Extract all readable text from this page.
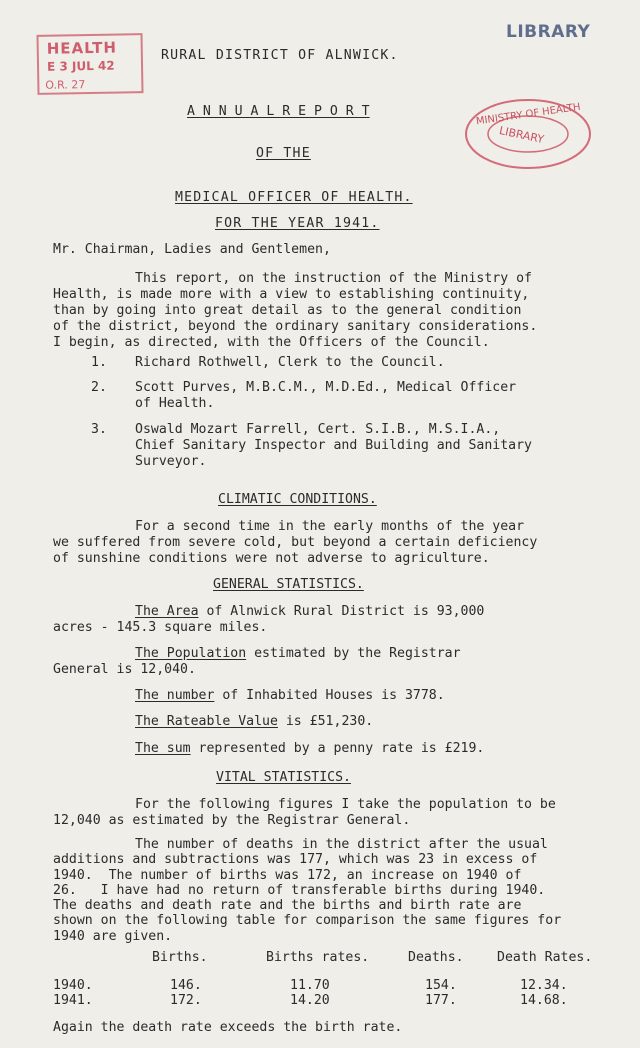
HEALTH
E 3 JUL 42
O.R. 27
LIBRARY
MINISTRY OF HEALTH
LIBRARY
RURAL DISTRICT OF ALNWICK.
A N N U A L R E P O R T
OF THE
MEDICAL OFFICER OF HEALTH.
FOR THE YEAR 1941.
Mr. Chairman, Ladies and Gentlemen,
This report, on the instruction of the Ministry of
Health, is made more with a view to establishing continuity,
than by going into great detail as to the general condition
of the district, beyond the ordinary sanitary considerations.
I begin, as directed, with the Officers of the Council.
1. Richard Rothwell, Clerk to the Council.
2. Scott Purves, M.B.C.M., M.D.Ed., Medical Officer
of Health.
3. Oswald Mozart Farrell, Cert. S.I.B., M.S.I.A.,
Chief Sanitary Inspector and Building and Sanitary
Surveyor.
CLIMATIC CONDITIONS.
For a second time in the early months of the year
we suffered from severe cold, but beyond a certain deficiency
of sunshine conditions were not adverse to agriculture.
GENERAL STATISTICS.
The Area of Alnwick Rural District is 93,000
acres - 145.3 square miles.
The Population estimated by the Registrar
General is 12,040.
The number of Inhabited Houses is 3778.
The Rateable Value is £51,230.
The sum represented by a penny rate is £219.
VITAL STATISTICS.
For the following figures I take the population to be
12,040 as estimated by the Registrar General.
The number of deaths in the district after the usual
additions and subtractions was 177, which was 23 in excess of
1940.  The number of births was 172, an increase on 1940 of
26.   I have had no return of transferable births during 1940.
The deaths and death rate and the births and birth rate are
shown on the following table for comparison the same figures for
1940 are given.
Births.	Births rates.	Deaths.	Death Rates.
1940.	146.	11.70	154.	12.34.
1941.	172.	14.20	177.	14.68.
Again the death rate exceeds the birth rate.
